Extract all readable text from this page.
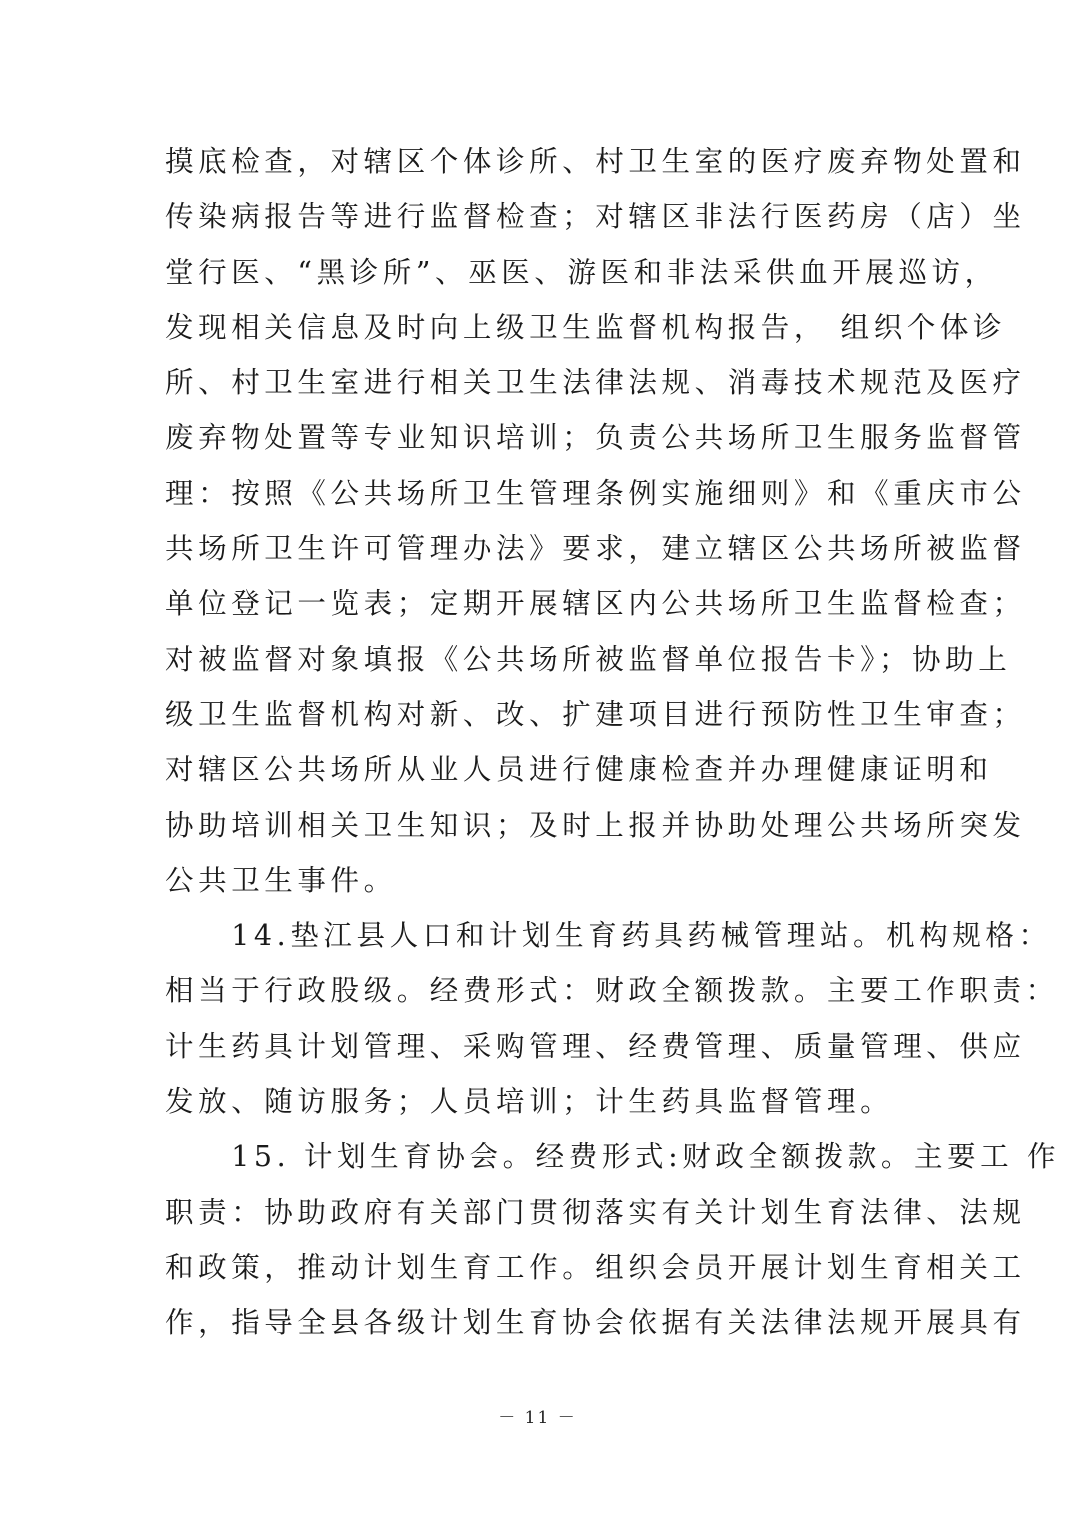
摸底检查，对辖区个体诊所、村卫生室的医疗废弃物处置和
传染病报告等进行监督检查；对辖区非法行医药房（店）坐
堂行医、“黑诊所”、巫医、游医和非法采供血开展巡访，
发现相关信息及时向上级卫生监督机构报告， 组织个体诊
所、村卫生室进行相关卫生法律法规、消毒技术规范及医疗
废弃物处置等专业知识培训；负责公共场所卫生服务监督管
理：按照《公共场所卫生管理条例实施细则》和《重庆市公
共场所卫生许可管理办法》要求，建立辖区公共场所被监督
单位登记一览表；定期开展辖区内公共场所卫生监督检查；
对被监督对象填报《公共场所被监督单位报告卡》；协助上
级卫生监督机构对新、改、扩建项目进行预防性卫生审查；
对辖区公共场所从业人员进行健康检查并办理健康证明和
协助培训相关卫生知识；及时上报并协助处理公共场所突发
公共卫生事件。
　　14.垫江县人口和计划生育药具药械管理站。机构规格：
相当于行政股级。经费形式：财政全额拨款。主要工作职责：
计生药具计划管理、采购管理、经费管理、质量管理、供应
发放、随访服务；人员培训；计生药具监督管理。
　　15. 计划生育协会。经费形式:财政全额拨款。主要工 作
职责：协助政府有关部门贯彻落实有关计划生育法律、法规
和政策，推动计划生育工作。组织会员开展计划生育相关工
作，指导全县各级计划生育协会依据有关法律法规开展具有
－ 11 －
